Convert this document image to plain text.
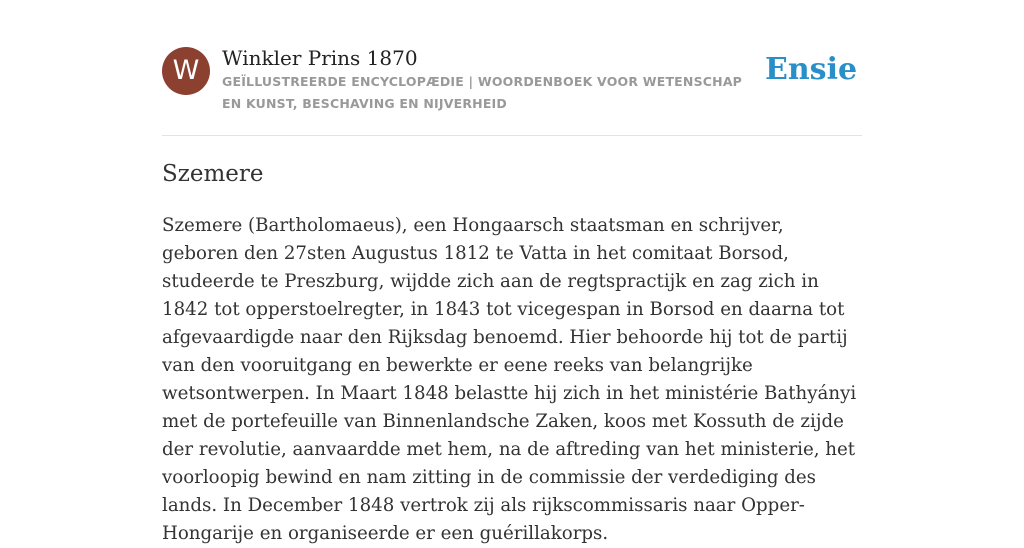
W	Winkler Prins 1870
GEÏLLUSTREERDE ENCYCLOPÆDIE | WOORDENBOEK VOOR WETENSCHAP EN KUNST, BESCHAVING EN NIJVERHEID
Ensie
Szemere

Szemere (Bartholomaeus), een Hongaarsch staatsman en schrijver, geboren den 27sten Augustus 1812 te Vatta in het comitaat Borsod, studeerde te Preszburg, wijdde zich aan de regtspractijk en zag zich in 1842 tot opperstoelregter, in 1843 tot vicegespan in Borsod en daarna tot afgevaardigde naar den Rijksdag benoemd. Hier behoorde hij tot de partij van den vooruitgang en bewerkte er eene reeks van belangrijke wetsontwerpen. In Maart 1848 belastte hij zich in het ministérie Bathyányi met de portefeuille van Binnenlandsche Zaken, koos met Kossuth de zijde der revolutie, aanvaardde met hem, na de aftreding van het ministerie, het voorloopig bewind en nam zitting in de commissie der verdediging des lands. In December 1848 vertrok zij als rijkscommissaris naar Opper-Hongarije en organiseerde er een guérillakorps.
